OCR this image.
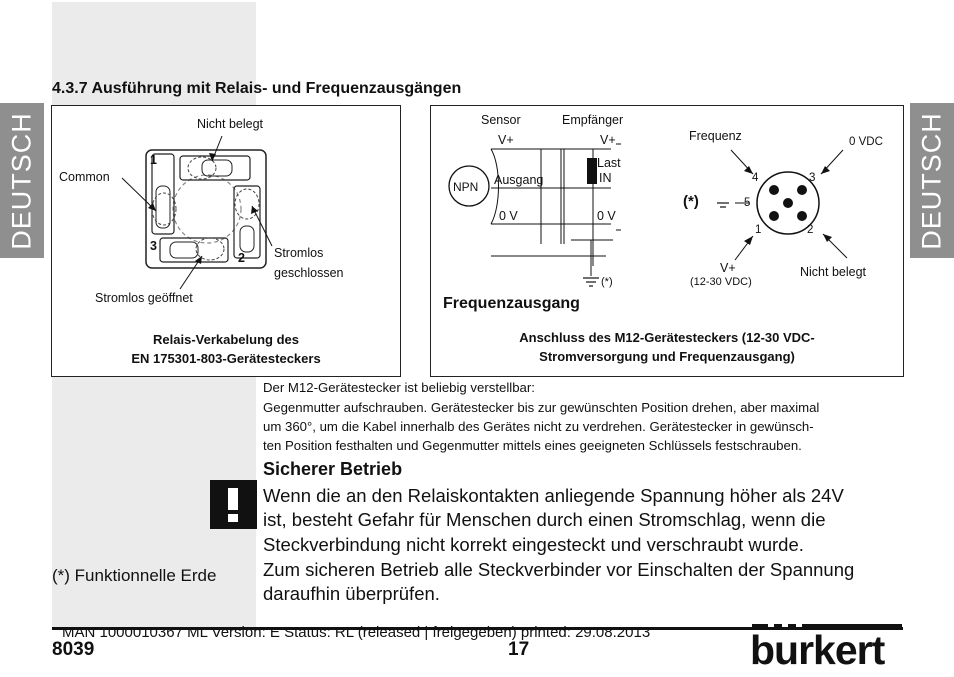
DEUTSCH	DEUTSCH
4.3.7 Ausführung mit Relais- und Frequenzausgängen
1
2
3
Nicht belegt
Common
Stromlos
geschlossen
Stromlos geöffnet
Relais-Verkabelung des
EN 175301-803-Gerätesteckers
Sensor	Empfänger
V+	V+
NPN Ausgang
Last
IN
0 V	0 V
(*)
Frequenz	0 VDC
4	3
5
1	2
(*)
V+
(12-30 VDC)
Nicht belegt
Frequenzausgang
Anschluss des M12-Gerätesteckers (12-30 VDC-
Stromversorgung und Frequenzausgang)
Der M12-Gerätestecker ist beliebig verstellbar:
Gegenmutter aufschrauben. Gerätestecker bis zur gewünschten Position drehen, aber maximal
um 360°, um die Kabel innerhalb des Gerätes nicht zu verdrehen. Gerätestecker in gewünsch-
ten Position festhalten und Gegenmutter mittels eines geeigneten Schlüssels festschrauben.
Sicherer Betrieb
Wenn die an den Relaiskontakten anliegende Spannung höher als 24V
ist, besteht Gefahr für Menschen durch einen Stromschlag, wenn die
Steckverbindung nicht korrekt eingesteckt und verschraubt wurde.
Zum sicheren Betrieb alle Steckverbinder vor Einschalten der Spannung
daraufhin überprüfen.
(*) Funktionnelle Erde
MAN 1000010367 ML Version: E Status: RL (released | freigegeben) printed: 29.08.2013
8039	17	burkert
